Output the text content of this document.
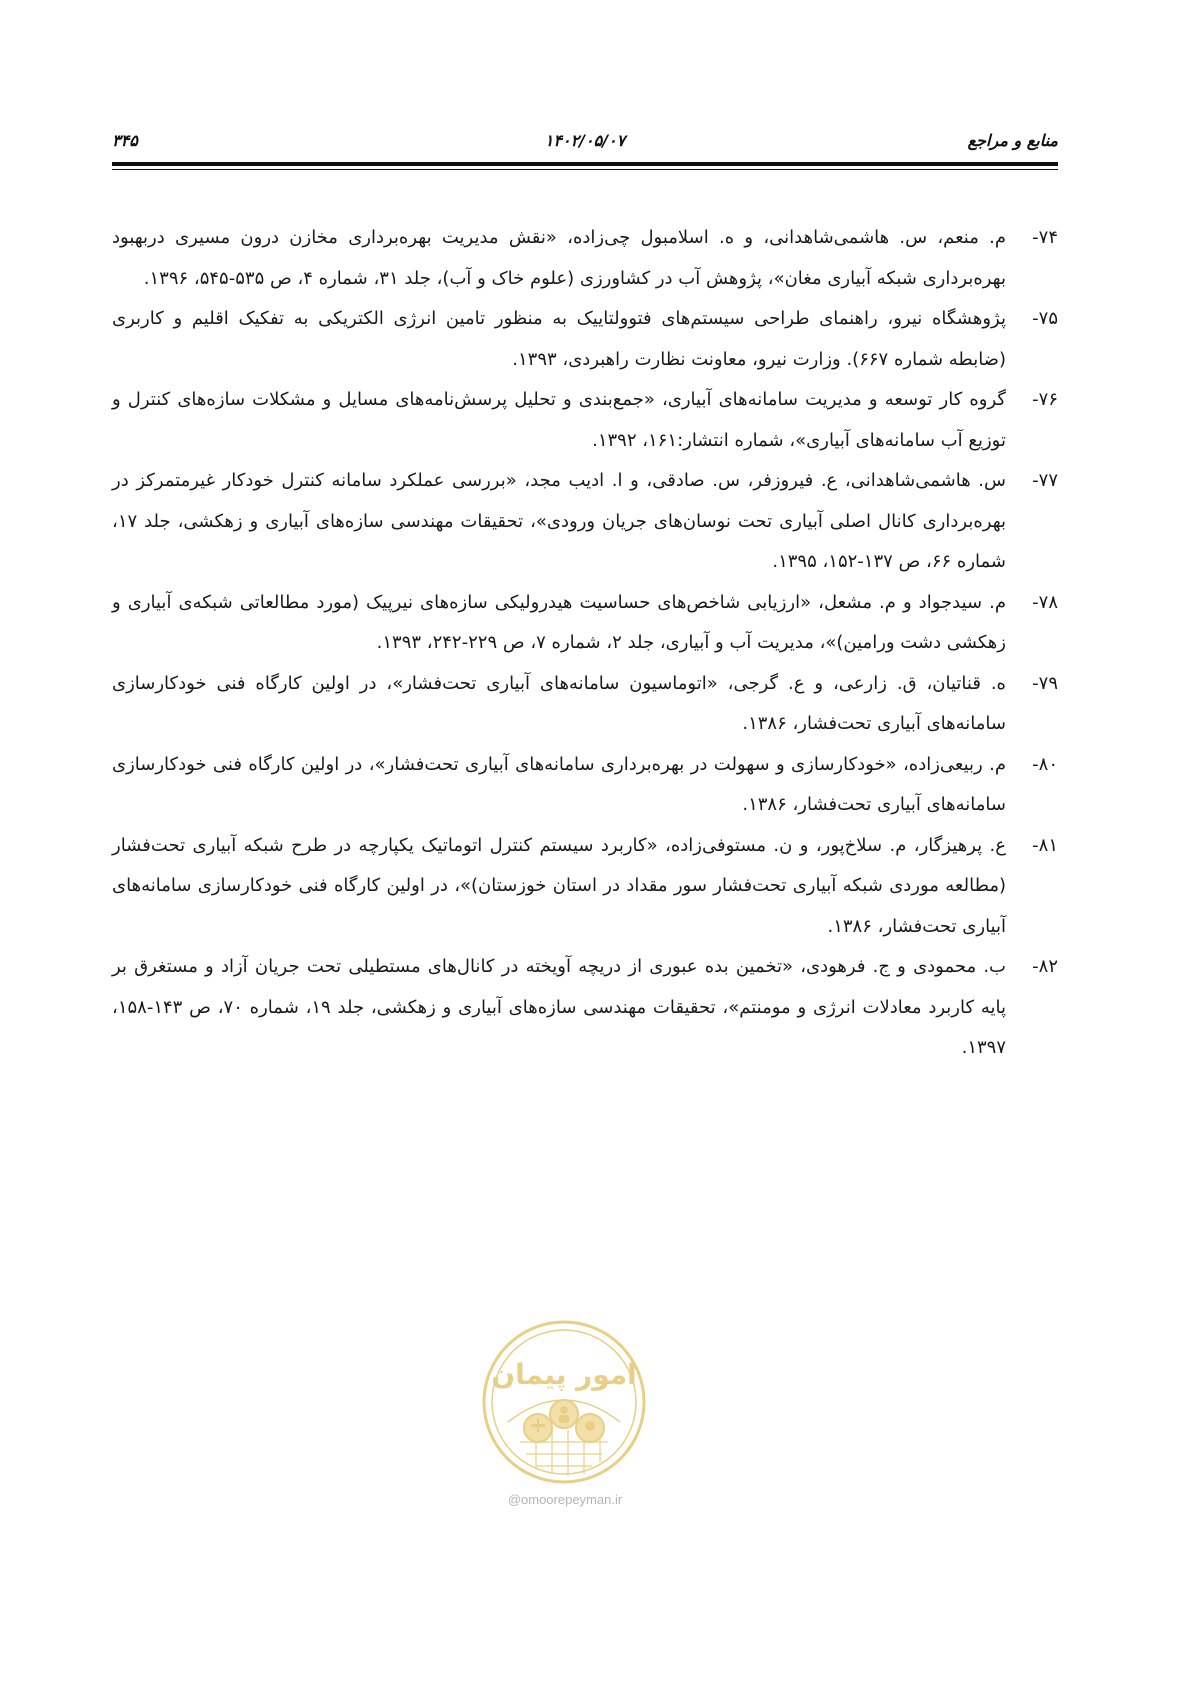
منابع و مراجع
۱۴۰۲/۰۵/۰۷
۳۴۵

۷۴-
م. منعم، س. هاشمی‌شاهدانی، و ه. اسلامبول چی‌زاده، «نقش مدیریت بهره‌برداری مخازن درون مسیری دربهبود بهره‌برداری شبکه آبیاری مغان»، پژوهش آب در کشاورزی (علوم خاک و آب)، جلد ۳۱، شماره ۴، ص ۵۳۵-۵۴۵، ۱۳۹۶.

۷۵-
پژوهشگاه نیرو، راهنمای طراحی سیستم‌های فتوولتاییک به منظور تامین انرژی الکتریکی به تفکیک اقلیم و کاربری (ضابطه شماره ۶۶۷). وزارت نیرو، معاونت نظارت راهبردی، ۱۳۹۳.

۷۶-
گروه کار توسعه و مدیریت سامانه‌های آبیاری، «جمع‌بندی و تحلیل پرسش‌نامه‌های مسایل و مشکلات سازه‌های کنترل و توزیع آب سامانه‌های آبیاری»، شماره انتشار:۱۶۱، ۱۳۹۲.

۷۷-
س. هاشمی‌شاهدانی، ع. فیروزفر، س. صادقی، و ا. ادیب مجد، «بررسی عملکرد سامانه کنترل خودکار غیرمتمرکز در بهره‌برداری کانال اصلی آبیاری تحت نوسان‌های جریان ورودی»، تحقیقات مهندسی سازه‌های آبیاری و زهکشی، جلد ۱۷، شماره ۶۶، ص ۱۳۷-۱۵۲، ۱۳۹۵.

۷۸-
م. سیدجواد و م. مشعل، «ارزیابی شاخص‌های حساسیت هیدرولیکی سازه‌های نیرپیک (مورد مطالعاتی شبکه‌ی آبیاری و زهکشی دشت ورامین)»، مدیریت آب و آبیاری، جلد ۲، شماره ۷، ص ۲۲۹-۲۴۲، ۱۳۹۳.

۷۹-
ه. قناتیان، ق. زارعی، و ع. گرجی، «اتوماسیون سامانه‌های آبیاری تحت‌فشار»، در اولین کارگاه فنی خودکارسازی سامانه‌های آبیاری تحت‌فشار، ۱۳۸۶.

۸۰-
م. ربیعی‌زاده، «خودکارسازی و سهولت در بهره‌برداری سامانه‌های آبیاری تحت‌فشار»، در اولین کارگاه فنی خودکارسازی سامانه‌های آبیاری تحت‌فشار، ۱۳۸۶.

۸۱-
ع. پرهیزگار، م. سلاخ‌پور، و ن. مستوفی‌زاده، «کاربرد سیستم کنترل اتوماتیک یکپارچه در طرح شبکه آبیاری تحت‌فشار (مطالعه موردی شبکه آبیاری تحت‌فشار سور مقداد در استان خوزستان)»، در اولین کارگاه فنی خودکارسازی سامانه‌های آبیاری تحت‌فشار، ۱۳۸۶.

۸۲-
ب. محمودی و ج. فرهودی، «تخمین بده عبوری از دریچه آویخته در کانال‌های مستطیلی تحت جریان آزاد و مستغرق بر پایه کاربرد معادلات انرژی و مومنتم»، تحقیقات مهندسی سازه‌های آبیاری و زهکشی، جلد ۱۹، شماره ۷۰، ص ۱۴۳-۱۵۸، ۱۳۹۷.

امور پیمان
@omoorepeyman.ir
